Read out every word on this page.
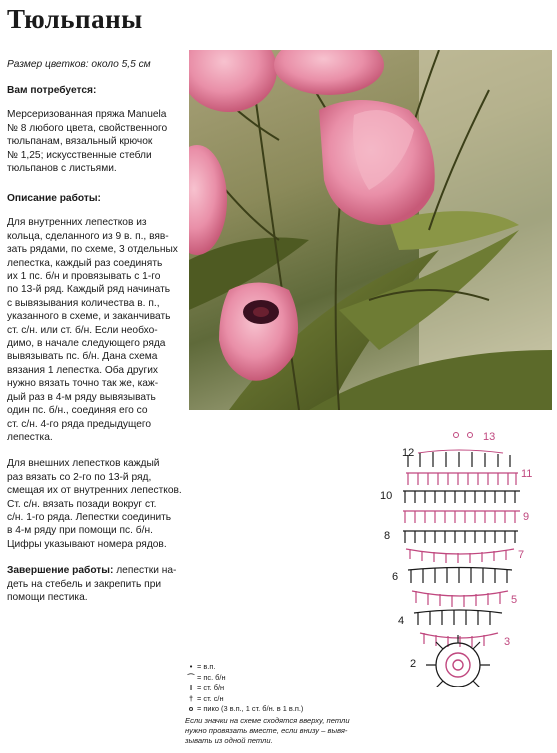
Тюльпаны
Размер цветков: около 5,5 см
Вам потребуется:
Мерсеризованная пряжа Manuela
№ 8 любого цвета, свойственного
тюльпанам, вязальный крючок
№ 1,25; искусственные стебли
тюльпанов с листьями.
Описание работы:
Для внутренних лепестков из
кольца, сделанного из 9 в. п., вяв-
зать рядами, по схеме, 3 отдельных
лепестка, каждый раз соединять
их 1 пс. б/н и провязывать с 1-го
по 13-й ряд. Каждый ряд начинать
с вывязывания количества в. п.,
указанного в схеме, и заканчивать
ст. с/н. или ст. б/н. Если необхо-
димо, в начале следующего ряда
вывязывать пс. б/н. Дана схема
вязания 1 лепестка. Оба других
нужно вязать точно так же, каж-
дый раз в 4-м ряду вывязывать
один пс. б/н., соединяя его со
ст. с/н. 4-го ряда предыдущего
лепестка.
Для внешних лепестков каждый
раз вязать со 2-го по 13-й ряд,
смещая их от внутренних лепестков.
Ст. с/н. вязать позади вокруг ст.
с/н. 1-го ряда. Лепестки соединить
в 4-м ряду при помощи пс. б/н.
Цифры указывают номера рядов.
Завершение работы: лепестки на-
деть на стебель и закрепить при
помощи пестика.
13
12
11
10
9
8
7
6
5
4
3
2
• = в.п.
⌒ = пс. б/н
I = ст. б/н
† = ст. с/н
o = пико (3 в.п., 1 ст. б/н. в 1 в.п.)
Если значки на схеме сходятся вверху, петли
нужно провязать вместе, если внизу – вывя-
зывать из одной петли.
